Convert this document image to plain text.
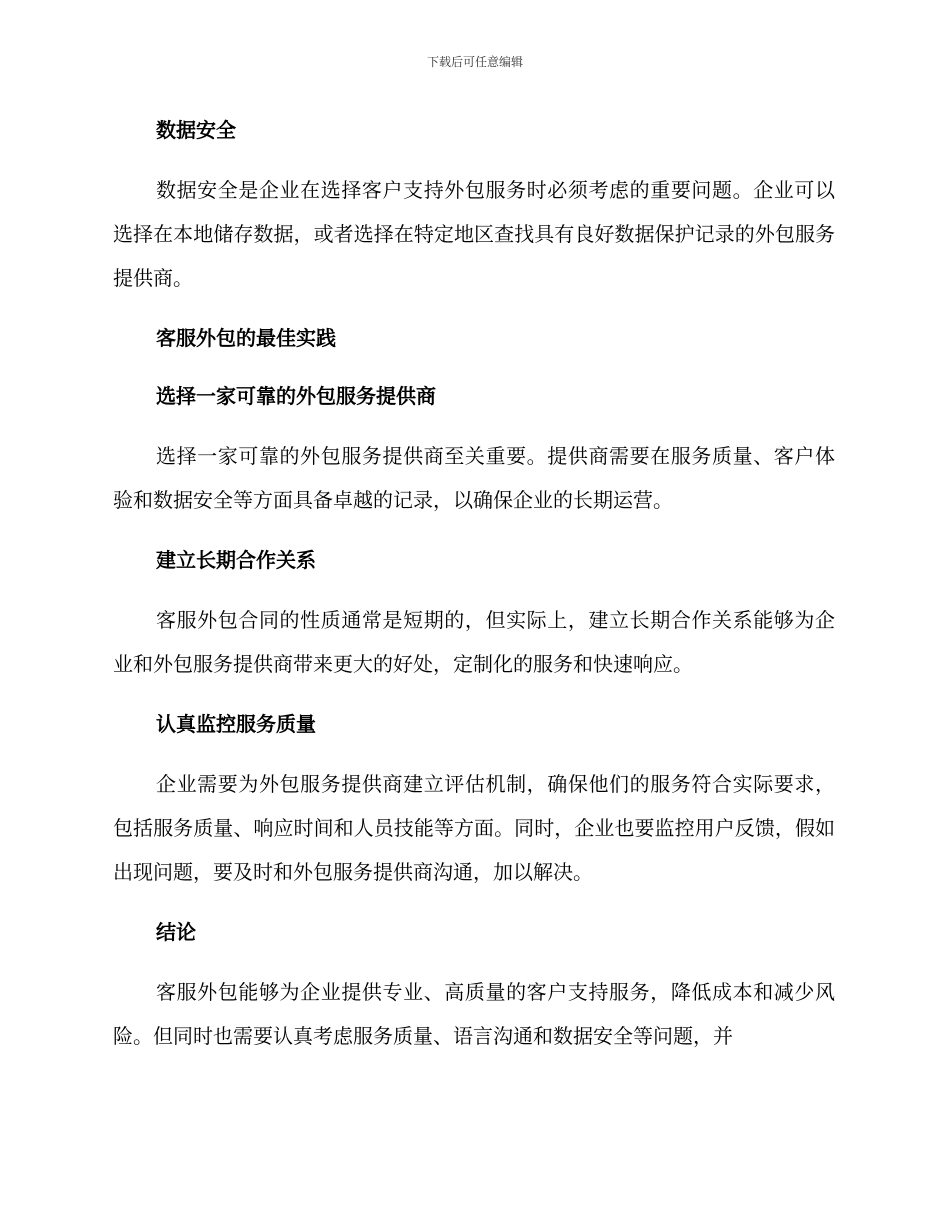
下载后可任意编辑
数据安全
数据安全是企业在选择客户支持外包服务时必须考虑的重要问题。企业可以选择在本地储存数据，或者选择在特定地区查找具有良好数据保护记录的外包服务提供商。
客服外包的最佳实践
选择一家可靠的外包服务提供商
选择一家可靠的外包服务提供商至关重要。提供商需要在服务质量、客户体验和数据安全等方面具备卓越的记录，以确保企业的长期运营。
建立长期合作关系
客服外包合同的性质通常是短期的，但实际上，建立长期合作关系能够为企业和外包服务提供商带来更大的好处，定制化的服务和快速响应。
认真监控服务质量
企业需要为外包服务提供商建立评估机制，确保他们的服务符合实际要求，包括服务质量、响应时间和人员技能等方面。同时，企业也要监控用户反馈，假如出现问题，要及时和外包服务提供商沟通，加以解决。
结论
客服外包能够为企业提供专业、高质量的客户支持服务，降低成本和减少风险。但同时也需要认真考虑服务质量、语言沟通和数据安全等问题，并
